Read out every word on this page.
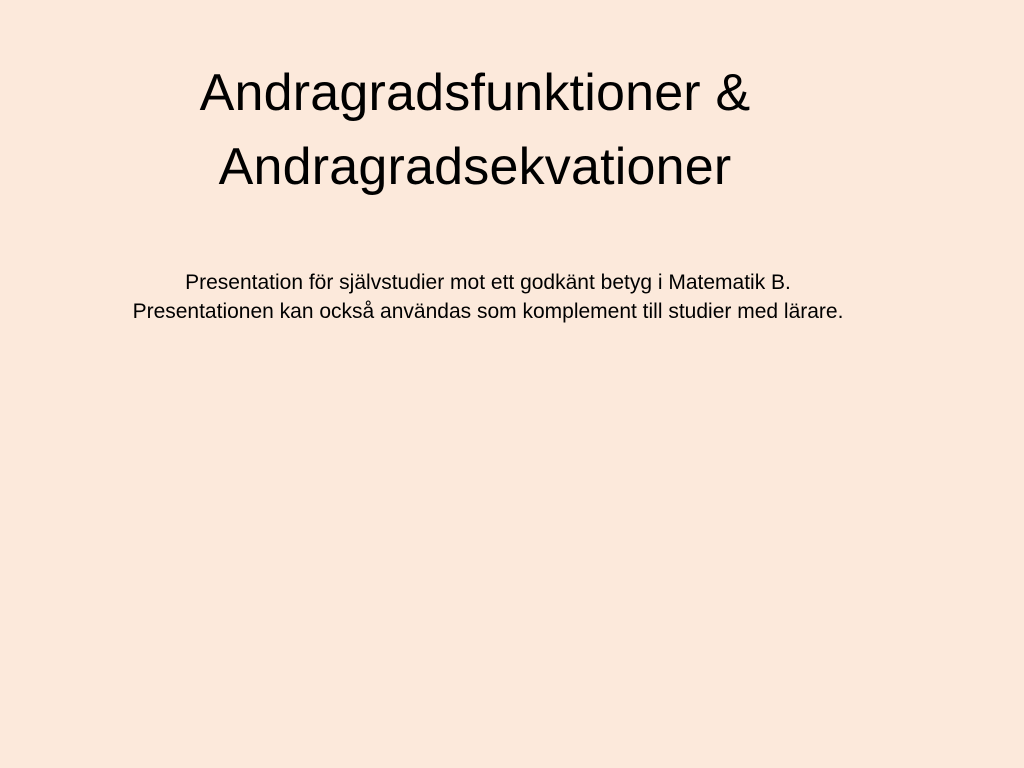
Andragradsfunktioner &
Andragradsekvationer
Presentation för självstudier mot ett godkänt betyg i Matematik B.
Presentationen kan också användas som komplement till studier med lärare.
